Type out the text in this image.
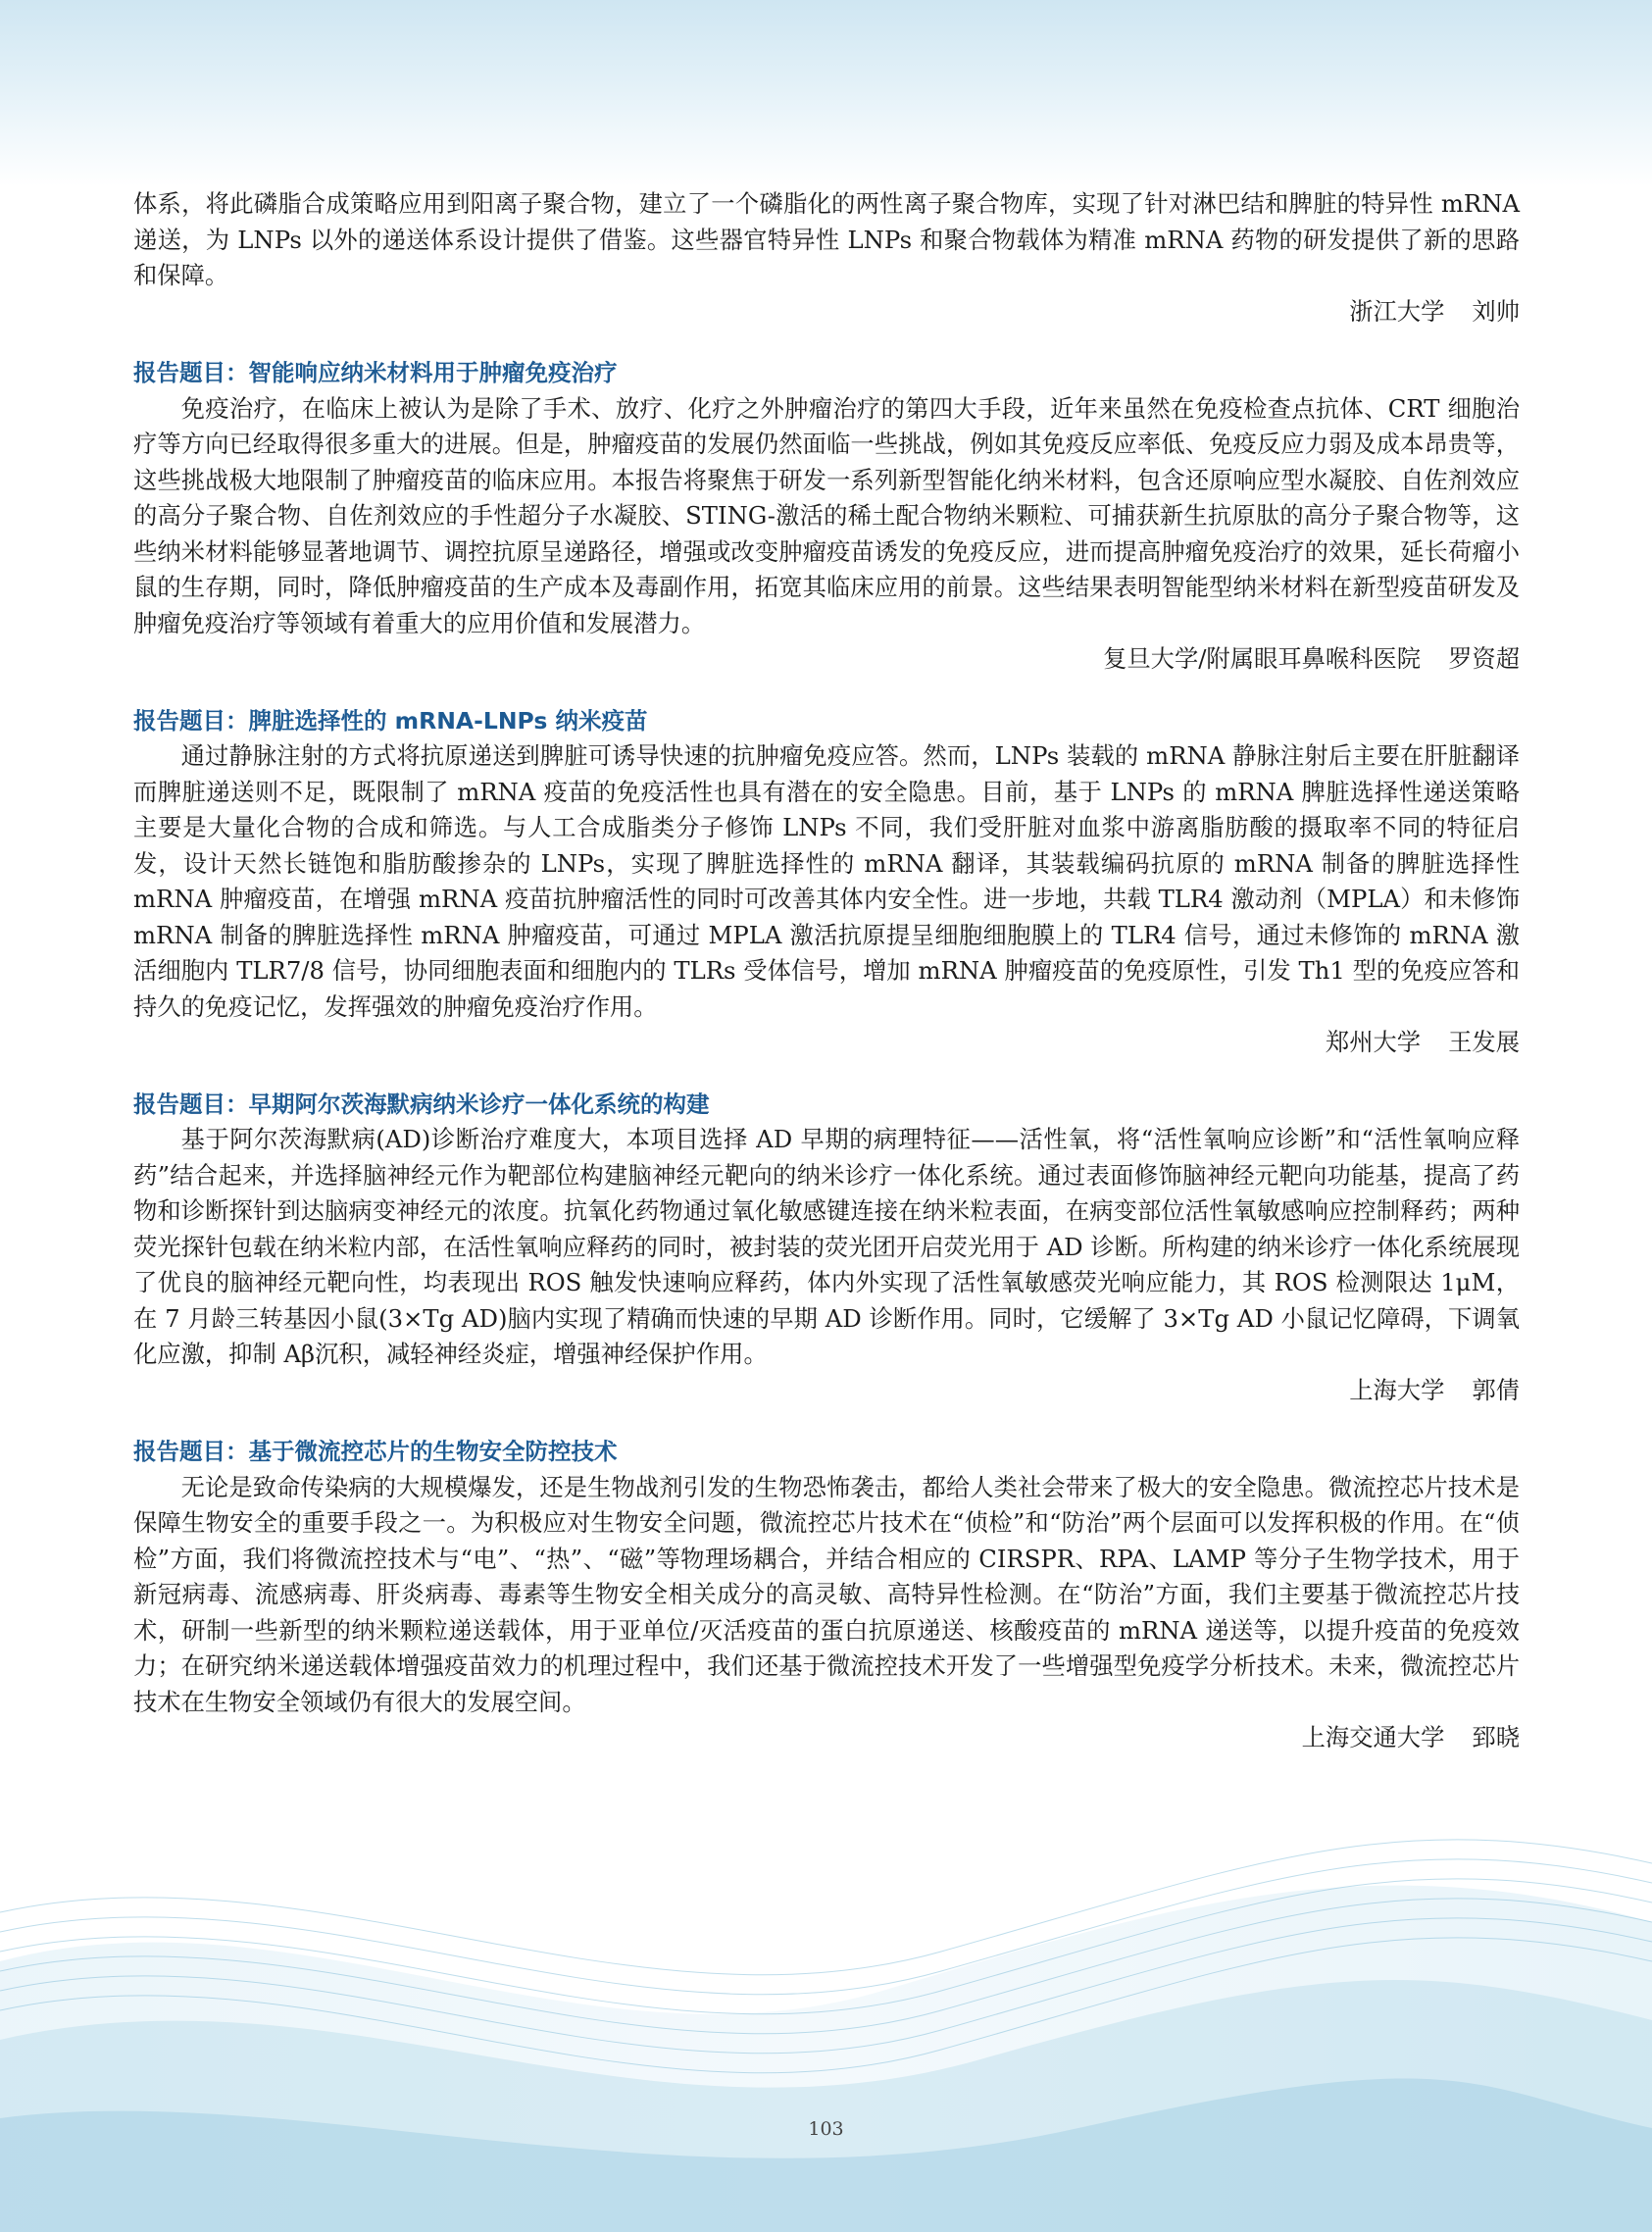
体系，将此磷脂合成策略应用到阳离子聚合物，建立了一个磷脂化的两性离子聚合物库，实现了针对淋巴结和脾脏的特异性 mRNA 递送，为 LNPs 以外的递送体系设计提供了借鉴。这些器官特异性 LNPs 和聚合物载体为精准 mRNA 药物的研发提供了新的思路和保障。

浙江大学 刘帅

报告题目：智能响应纳米材料用于肿瘤免疫治疗

免疫治疗，在临床上被认为是除了手术、放疗、化疗之外肿瘤治疗的第四大手段，近年来虽然在免疫检查点抗体、CRT 细胞治疗等方向已经取得很多重大的进展。但是，肿瘤疫苗的发展仍然面临一些挑战，例如其免疫反应率低、免疫反应力弱及成本昂贵等，这些挑战极大地限制了肿瘤疫苗的临床应用。本报告将聚焦于研发一系列新型智能化纳米材料，包含还原响应型水凝胶、自佐剂效应的高分子聚合物、自佐剂效应的手性超分子水凝胶、STING-激活的稀土配合物纳米颗粒、可捕获新生抗原肽的高分子聚合物等，这些纳米材料能够显著地调节、调控抗原呈递路径，增强或改变肿瘤疫苗诱发的免疫反应，进而提高肿瘤免疫治疗的效果，延长荷瘤小鼠的生存期，同时，降低肿瘤疫苗的生产成本及毒副作用，拓宽其临床应用的前景。这些结果表明智能型纳米材料在新型疫苗研发及肿瘤免疫治疗等领域有着重大的应用价值和发展潜力。

复旦大学/附属眼耳鼻喉科医院 罗资超

报告题目：脾脏选择性的 mRNA-LNPs 纳米疫苗

通过静脉注射的方式将抗原递送到脾脏可诱导快速的抗肿瘤免疫应答。然而，LNPs 装载的 mRNA 静脉注射后主要在肝脏翻译而脾脏递送则不足，既限制了 mRNA 疫苗的免疫活性也具有潜在的安全隐患。目前，基于 LNPs 的 mRNA 脾脏选择性递送策略主要是大量化合物的合成和筛选。与人工合成脂类分子修饰 LNPs 不同，我们受肝脏对血浆中游离脂肪酸的摄取率不同的特征启发，设计天然长链饱和脂肪酸掺杂的 LNPs，实现了脾脏选择性的 mRNA 翻译，其装载编码抗原的 mRNA 制备的脾脏选择性 mRNA 肿瘤疫苗，在增强 mRNA 疫苗抗肿瘤活性的同时可改善其体内安全性。进一步地，共载 TLR4 激动剂（MPLA）和未修饰 mRNA 制备的脾脏选择性 mRNA 肿瘤疫苗，可通过 MPLA 激活抗原提呈细胞细胞膜上的 TLR4 信号，通过未修饰的 mRNA 激活细胞内 TLR7/8 信号，协同细胞表面和细胞内的 TLRs 受体信号，增加 mRNA 肿瘤疫苗的免疫原性，引发 Th1 型的免疫应答和持久的免疫记忆，发挥强效的肿瘤免疫治疗作用。

郑州大学 王发展

报告题目：早期阿尔茨海默病纳米诊疗一体化系统的构建

基于阿尔茨海默病(AD)诊断治疗难度大，本项目选择 AD 早期的病理特征——活性氧，将“活性氧响应诊断”和“活性氧响应释药”结合起来，并选择脑神经元作为靶部位构建脑神经元靶向的纳米诊疗一体化系统。通过表面修饰脑神经元靶向功能基，提高了药物和诊断探针到达脑病变神经元的浓度。抗氧化药物通过氧化敏感键连接在纳米粒表面，在病变部位活性氧敏感响应控制释药；两种荧光探针包载在纳米粒内部，在活性氧响应释药的同时，被封装的荧光团开启荧光用于 AD 诊断。所构建的纳米诊疗一体化系统展现了优良的脑神经元靶向性，均表现出 ROS 触发快速响应释药，体内外实现了活性氧敏感荧光响应能力，其 ROS 检测限达 1μM，在 7 月龄三转基因小鼠(3×Tg AD)脑内实现了精确而快速的早期 AD 诊断作用。同时，它缓解了 3×Tg AD 小鼠记忆障碍，下调氧化应激，抑制 Aβ沉积，减轻神经炎症，增强神经保护作用。

上海大学 郭倩

报告题目：基于微流控芯片的生物安全防控技术

无论是致命传染病的大规模爆发，还是生物战剂引发的生物恐怖袭击，都给人类社会带来了极大的安全隐患。微流控芯片技术是保障生物安全的重要手段之一。为积极应对生物安全问题，微流控芯片技术在“侦检”和“防治”两个层面可以发挥积极的作用。在“侦检”方面，我们将微流控技术与“电”、“热”、“磁”等物理场耦合，并结合相应的 CIRSPR、RPA、LAMP 等分子生物学技术，用于新冠病毒、流感病毒、肝炎病毒、毒素等生物安全相关成分的高灵敏、高特异性检测。在“防治”方面，我们主要基于微流控芯片技术，研制一些新型的纳米颗粒递送载体，用于亚单位/灭活疫苗的蛋白抗原递送、核酸疫苗的 mRNA 递送等，以提升疫苗的免疫效力；在研究纳米递送载体增强疫苗效力的机理过程中，我们还基于微流控技术开发了一些增强型免疫学分析技术。未来，微流控芯片技术在生物安全领域仍有很大的发展空间。

上海交通大学 郅晓

103
